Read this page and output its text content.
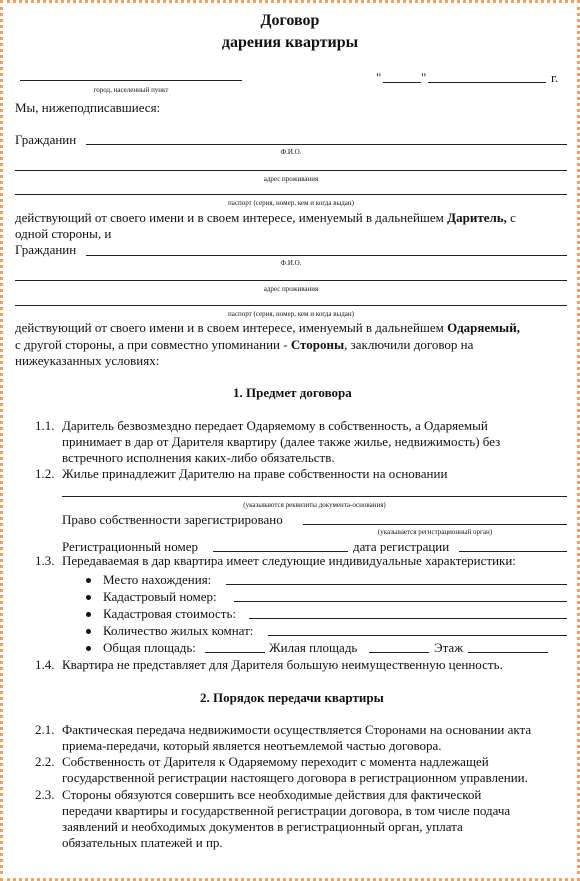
Договор
дарения квартиры
город, населенный пункт
"	"	г.
Мы, нижеподписавшиеся:
Гражданин
Ф.И.О.
адрес проживания
паспорт (серия, номер, кем и когда выдан)
действующий от своего имени и в своем интересе, именуемый в дальнейшем Даритель, с
одной стороны, и
Гражданин
Ф.И.О.
адрес проживания
паспорт (серия, номер, кем и когда выдан)
действующий от своего имени и в своем интересе, именуемый в дальнейшем Одаряемый,
с другой стороны, а при совместно упоминании - Стороны, заключили договор на
нижеуказанных условиях:
1. Предмет договора
1.1. Даритель безвозмездно передает Одаряемому в собственность, а Одаряемый
принимает в дар от Дарителя квартиру (далее также жилье, недвижимость) без
встречного исполнения каких-либо обязательств.
1.2. Жилье принадлежит Дарителю на праве собственности на основании
(указываются реквизиты документа-основания)
Право собственности зарегистрировано
(указывается регистрационный орган)
Регистрационный номер	дата регистрации
1.3. Передаваемая в дар квартира имеет следующие индивидуальные характеристики:
Место нахождения:
Кадастровый номер:
Кадастровая стоимость:
Количество жилых комнат:
Общая площадь:	Жилая площадь	Этаж
1.4. Квартира не представляет для Дарителя большую неимущественную ценность.
2. Порядок передачи квартиры
2.1. Фактическая передача недвижимости осуществляется Сторонами на основании акта
приема-передачи, который является неотъемлемой частью договора.
2.2. Собственность от Дарителя к Одаряемому переходит с момента надлежащей
государственной регистрации настоящего договора в регистрационном управлении.
2.3. Стороны обязуются совершить все необходимые действия для фактической
передачи квартиры и государственной регистрации договора, в том числе подача
заявлений и необходимых документов в регистрационный орган, уплата
обязательных платежей и пр.
